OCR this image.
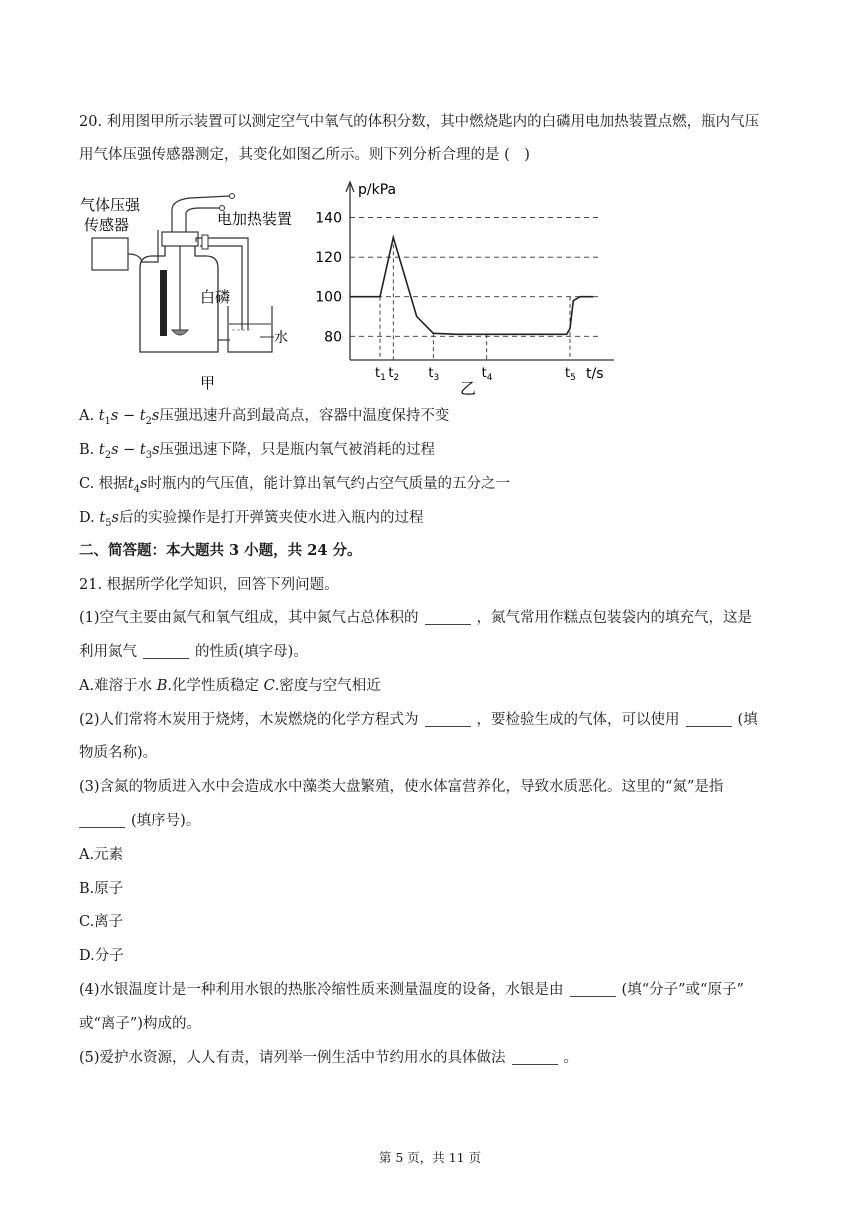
20. 利用图甲所示装置可以测定空气中氧气的体积分数，其中燃烧匙内的白磷用电加热装置点燃，瓶内气压
用气体压强传感器测定，其变化如图乙所示。则下列分析合理的是 (　)
气体压强
传感器	电加热装置
白磷
水
甲
p/kPa
t/s
乙
140
120
100
80
$t_1$ $t_2$ $t_3$	$t_4$	$t_5$
A. $t_1s - t_2s$压强迅速升高到最高点，容器中温度保持不变
B. $t_2s - t_3s$压强迅速下降，只是瓶内氧气被消耗的过程
C. 根据$t_4s$时瓶内的气压值，能计算出氧气约占空气质量的五分之一
D. $t_5s$后的实验操作是打开弹簧夹使水进入瓶内的过程
二、简答题：本大题共 3 小题，共 24 分。
21. 根据所学化学知识，回答下列问题。
(1)空气主要由氮气和氧气组成，其中氮气占总体积的	，氮气常用作糕点包装袋内的填充气，这是
利用氮气	的性质(填字母)。
A.难溶于水 B.化学性质稳定 C.密度与空气相近
(2)人们常将木炭用于烧烤，木炭燃烧的化学方程式为	，要检验生成的气体，可以使用	(填
物质名称)。
(3)含氮的物质进入水中会造成水中藻类大盘繁殖，使水体富营养化，导致水质恶化。这里的“氮”是指
(填序号)。
A.元素
B.原子
C.离子
D.分子
(4)水银温度计是一种利用水银的热胀冷缩性质来测量温度的设备，水银是由	(填“分子”或“原子”
或“离子”)构成的。
(5)爱护水资源，人人有责，请列举一例生活中节约用水的具体做法	。
第 5 页，共 11 页
